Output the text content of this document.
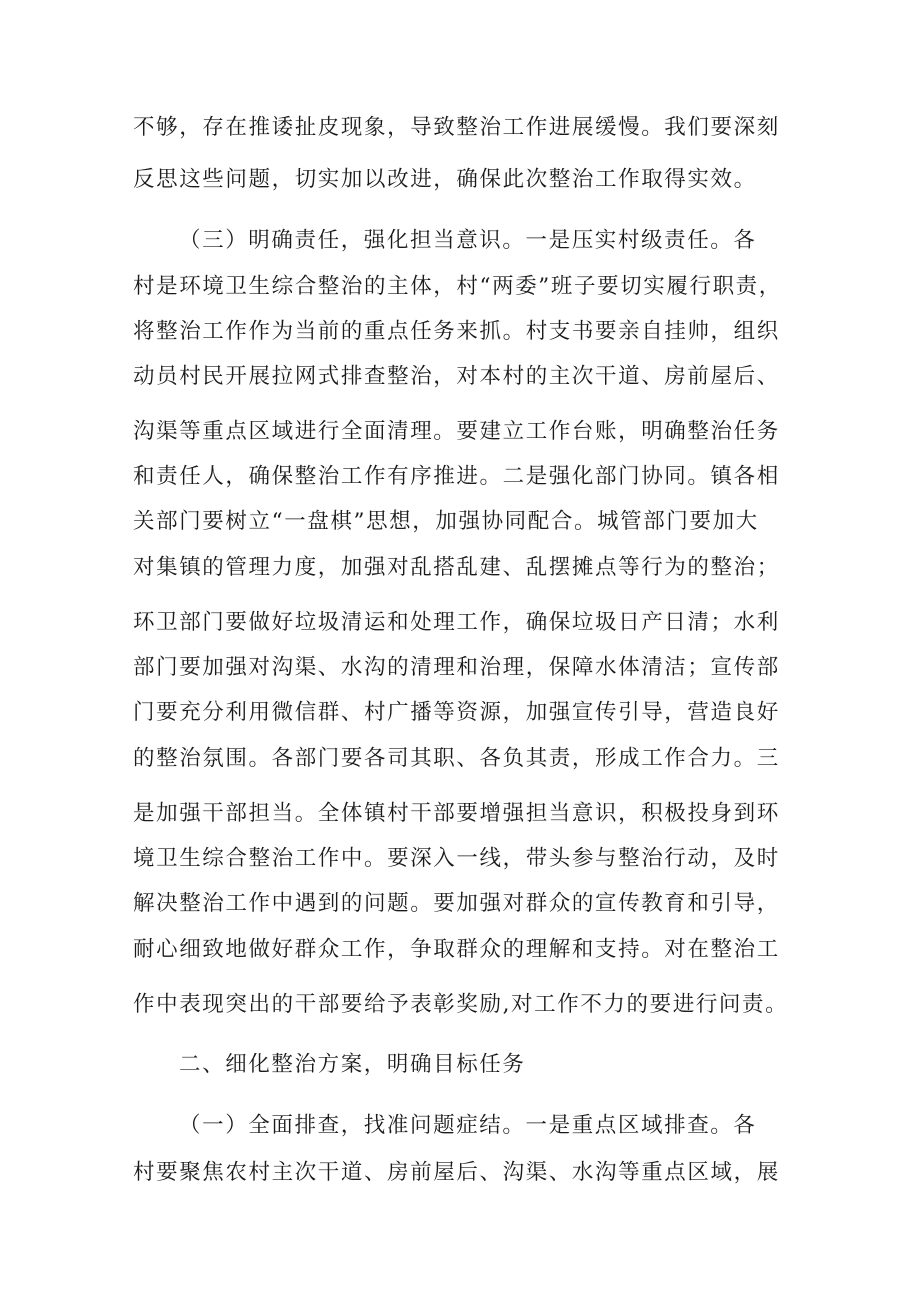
不够，存在推诿扯皮现象，导致整治工作进展缓慢。我们要深刻
反思这些问题，切实加以改进，确保此次整治工作取得实效。
（三）明确责任，强化担当意识。一是压实村级责任。各
村是环境卫生综合整治的主体，村“两委”班子要切实履行职责，
将整治工作作为当前的重点任务来抓。村支书要亲自挂帅，组织
动员村民开展拉网式排查整治，对本村的主次干道、房前屋后、
沟渠等重点区域进行全面清理。要建立工作台账，明确整治任务
和责任人，确保整治工作有序推进。二是强化部门协同。镇各相
关部门要树立“一盘棋”思想，加强协同配合。城管部门要加大
对集镇的管理力度，加强对乱搭乱建、乱摆摊点等行为的整治；
环卫部门要做好垃圾清运和处理工作，确保垃圾日产日清；水利
部门要加强对沟渠、水沟的清理和治理，保障水体清洁；宣传部
门要充分利用微信群、村广播等资源，加强宣传引导，营造良好
的整治氛围。各部门要各司其职、各负其责，形成工作合力。三
是加强干部担当。全体镇村干部要增强担当意识，积极投身到环
境卫生综合整治工作中。要深入一线，带头参与整治行动，及时
解决整治工作中遇到的问题。要加强对群众的宣传教育和引导，
耐心细致地做好群众工作，争取群众的理解和支持。对在整治工
作中表现突出的干部要给予表彰奖励,对工作不力的要进行问责。
二、细化整治方案，明确目标任务
（一）全面排查，找准问题症结。一是重点区域排查。各
村要聚焦农村主次干道、房前屋后、沟渠、水沟等重点区域，展
